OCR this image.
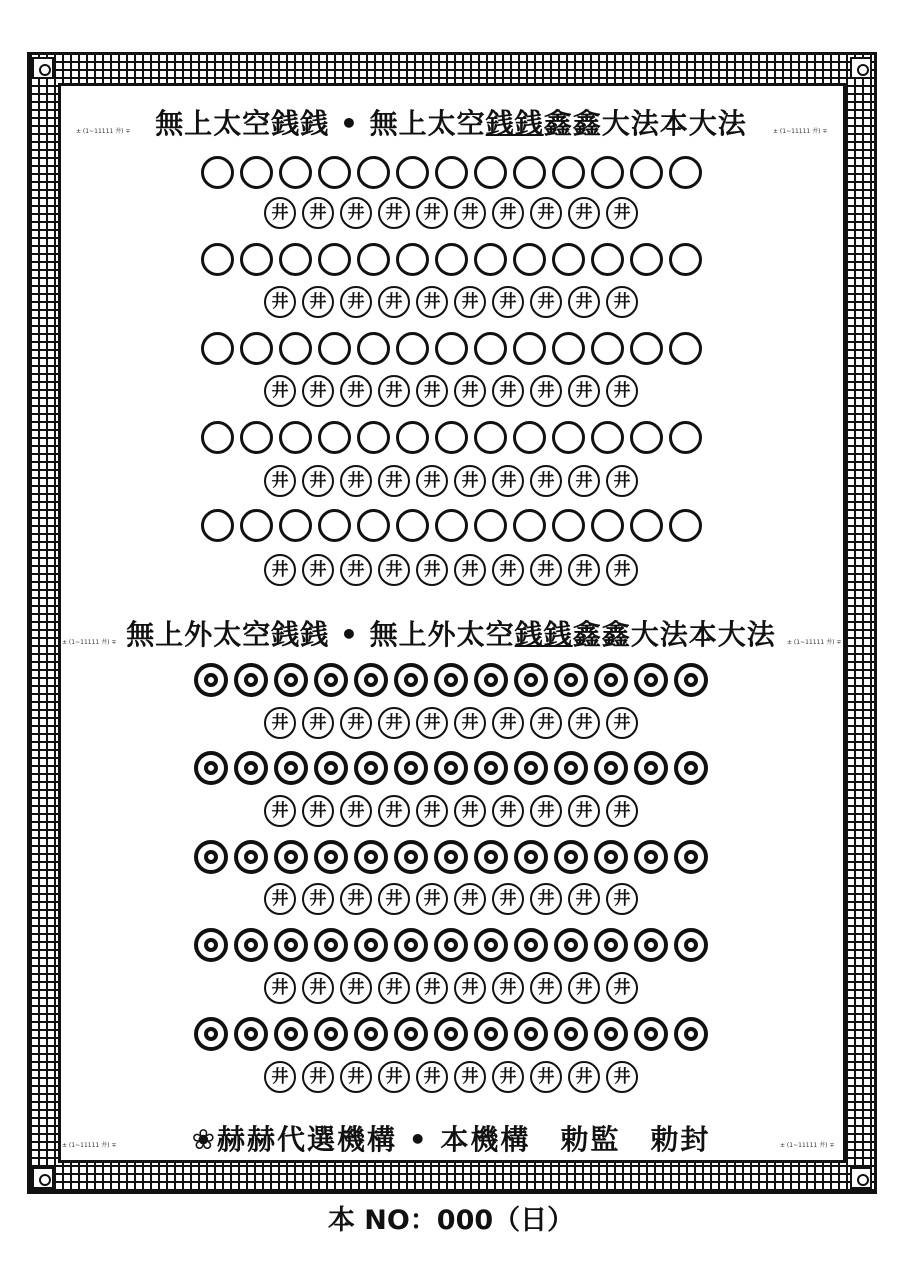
無上太空銭銭 • 無上太空銭銭鑫鑫大法本大法
± (1~11111 井) ∓	± (1~11111 井) ∓
無上外太空銭銭 • 無上外太空銭銭鑫鑫大法本大法
± (1~11111 井) ∓	± (1~11111 井) ∓
井	井	井	井	井	井	井	井	井	井
井	井	井	井	井	井	井	井	井	井
井	井	井	井	井	井	井	井	井	井
井	井	井	井	井	井	井	井	井	井
井	井	井	井	井	井	井	井	井	井
井	井	井	井	井	井	井	井	井	井
井	井	井	井	井	井	井	井	井	井
井	井	井	井	井	井	井	井	井	井
井	井	井	井	井	井	井	井	井	井
井	井	井	井	井	井	井	井	井	井
❀赫赫代選機構 • 本機構　勅監　勅封
± (1~11111 井) ∓	± (1~11111 井) ∓
本 NO：000（日）
